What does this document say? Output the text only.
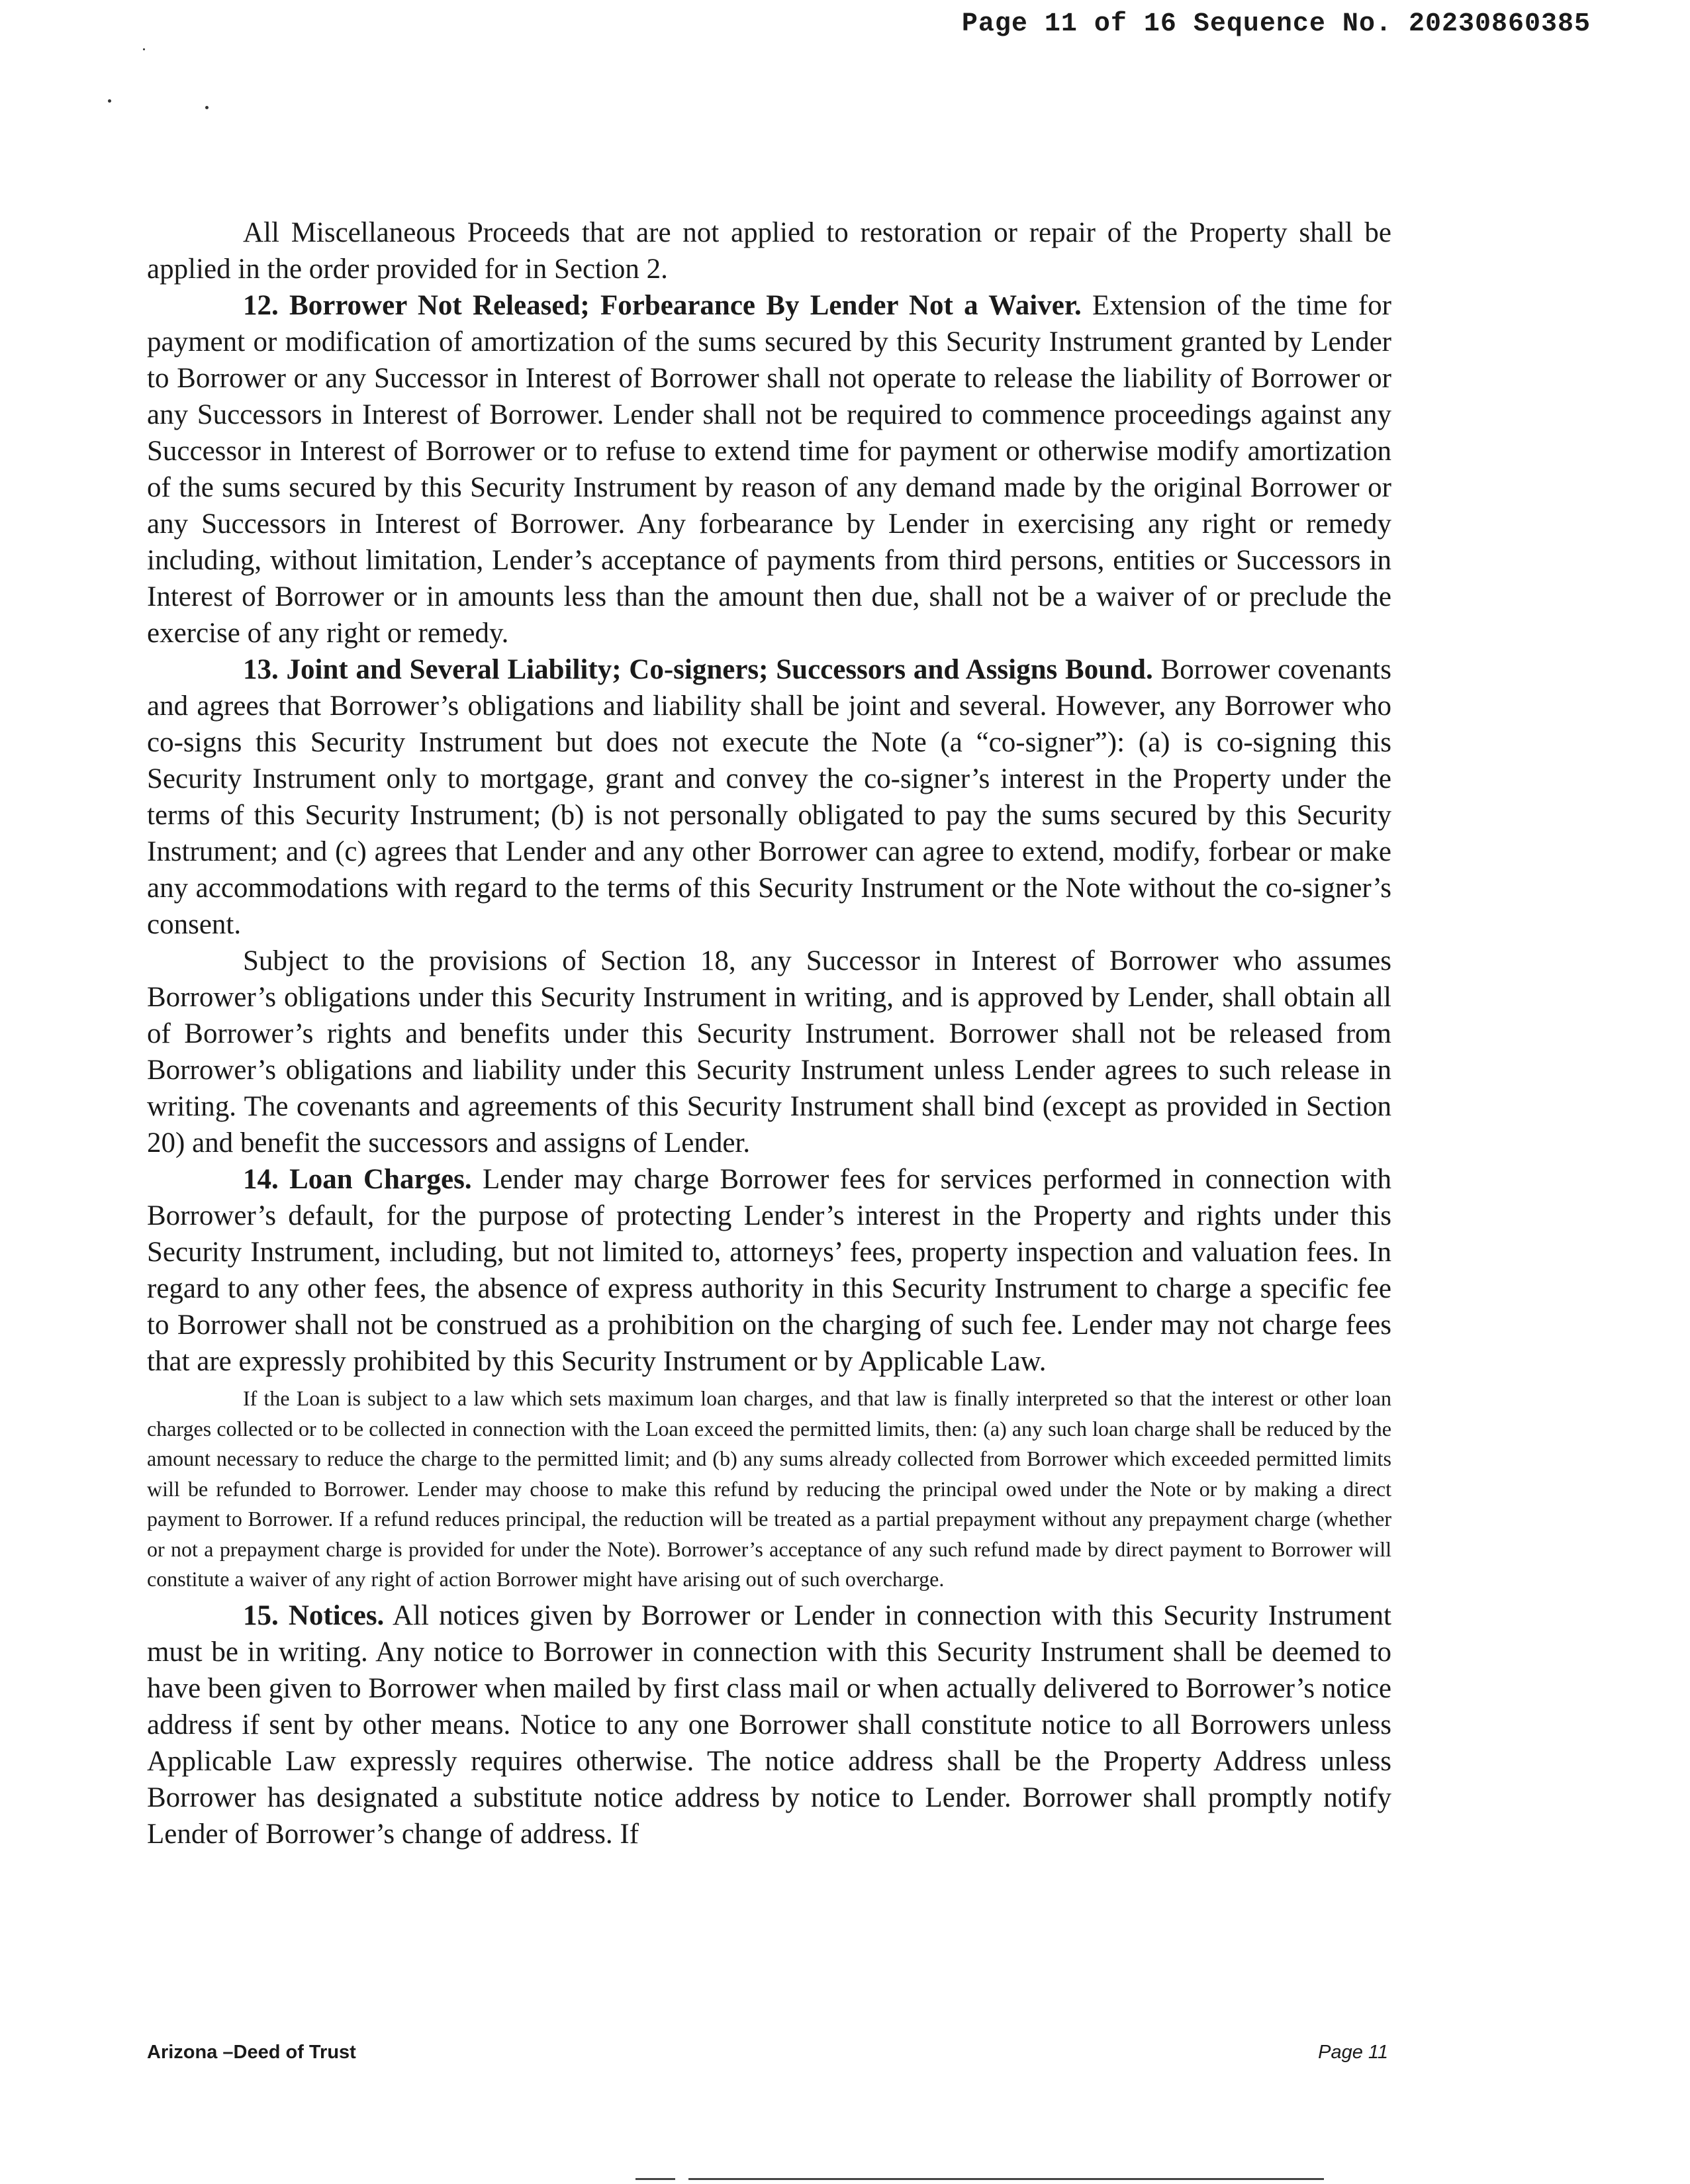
Page 11 of 16 Sequence No. 20230860385

All Miscellaneous Proceeds that are not applied to restoration or repair of the Property shall be applied in the order provided for in Section 2.

12. Borrower Not Released; Forbearance By Lender Not a Waiver. Extension of the time for payment or modification of amortization of the sums secured by this Security Instrument granted by Lender to Borrower or any Successor in Interest of Borrower shall not operate to release the liability of Borrower or any Successors in Interest of Borrower. Lender shall not be required to commence proceedings against any Successor in Interest of Borrower or to refuse to extend time for payment or otherwise modify amortization of the sums secured by this Security Instrument by reason of any demand made by the original Borrower or any Successors in Interest of Borrower. Any forbearance by Lender in exercising any right or remedy including, without limitation, Lender’s acceptance of payments from third persons, entities or Successors in Interest of Borrower or in amounts less than the amount then due, shall not be a waiver of or preclude the exercise of any right or remedy.

13. Joint and Several Liability; Co-signers; Successors and Assigns Bound. Borrower covenants and agrees that Borrower’s obligations and liability shall be joint and several. However, any Borrower who co-signs this Security Instrument but does not execute the Note (a “co-signer”): (a) is co-signing this Security Instrument only to mortgage, grant and convey the co-signer’s interest in the Property under the terms of this Security Instrument; (b) is not personally obligated to pay the sums secured by this Security Instrument; and (c) agrees that Lender and any other Borrower can agree to extend, modify, forbear or make any accommodations with regard to the terms of this Security Instrument or the Note without the co-signer’s consent.

Subject to the provisions of Section 18, any Successor in Interest of Borrower who assumes Borrower’s obligations under this Security Instrument in writing, and is approved by Lender, shall obtain all of Borrower’s rights and benefits under this Security Instrument. Borrower shall not be released from Borrower’s obligations and liability under this Security Instrument unless Lender agrees to such release in writing. The covenants and agreements of this Security Instrument shall bind (except as provided in Section 20) and benefit the successors and assigns of Lender.

14. Loan Charges. Lender may charge Borrower fees for services performed in connection with Borrower’s default, for the purpose of protecting Lender’s interest in the Property and rights under this Security Instrument, including, but not limited to, attorneys’ fees, property inspection and valuation fees. In regard to any other fees, the absence of express authority in this Security Instrument to charge a specific fee to Borrower shall not be construed as a prohibition on the charging of such fee. Lender may not charge fees that are expressly prohibited by this Security Instrument or by Applicable Law.

If the Loan is subject to a law which sets maximum loan charges, and that law is finally interpreted so that the interest or other loan charges collected or to be collected in connection with the Loan exceed the permitted limits, then: (a) any such loan charge shall be reduced by the amount necessary to reduce the charge to the permitted limit; and (b) any sums already collected from Borrower which exceeded permitted limits will be refunded to Borrower. Lender may choose to make this refund by reducing the principal owed under the Note or by making a direct payment to Borrower. If a refund reduces principal, the reduction will be treated as a partial prepayment without any prepayment charge (whether or not a prepayment charge is provided for under the Note). Borrower’s acceptance of any such refund made by direct payment to Borrower will constitute a waiver of any right of action Borrower might have arising out of such overcharge.

15. Notices. All notices given by Borrower or Lender in connection with this Security Instrument must be in writing. Any notice to Borrower in connection with this Security Instrument shall be deemed to have been given to Borrower when mailed by first class mail or when actually delivered to Borrower’s notice address if sent by other means. Notice to any one Borrower shall constitute notice to all Borrowers unless Applicable Law expressly requires otherwise. The notice address shall be the Property Address unless Borrower has designated a substitute notice address by notice to Lender. Borrower shall promptly notify Lender of Borrower’s change of address. If

Arizona –Deed of Trust	Page 11
